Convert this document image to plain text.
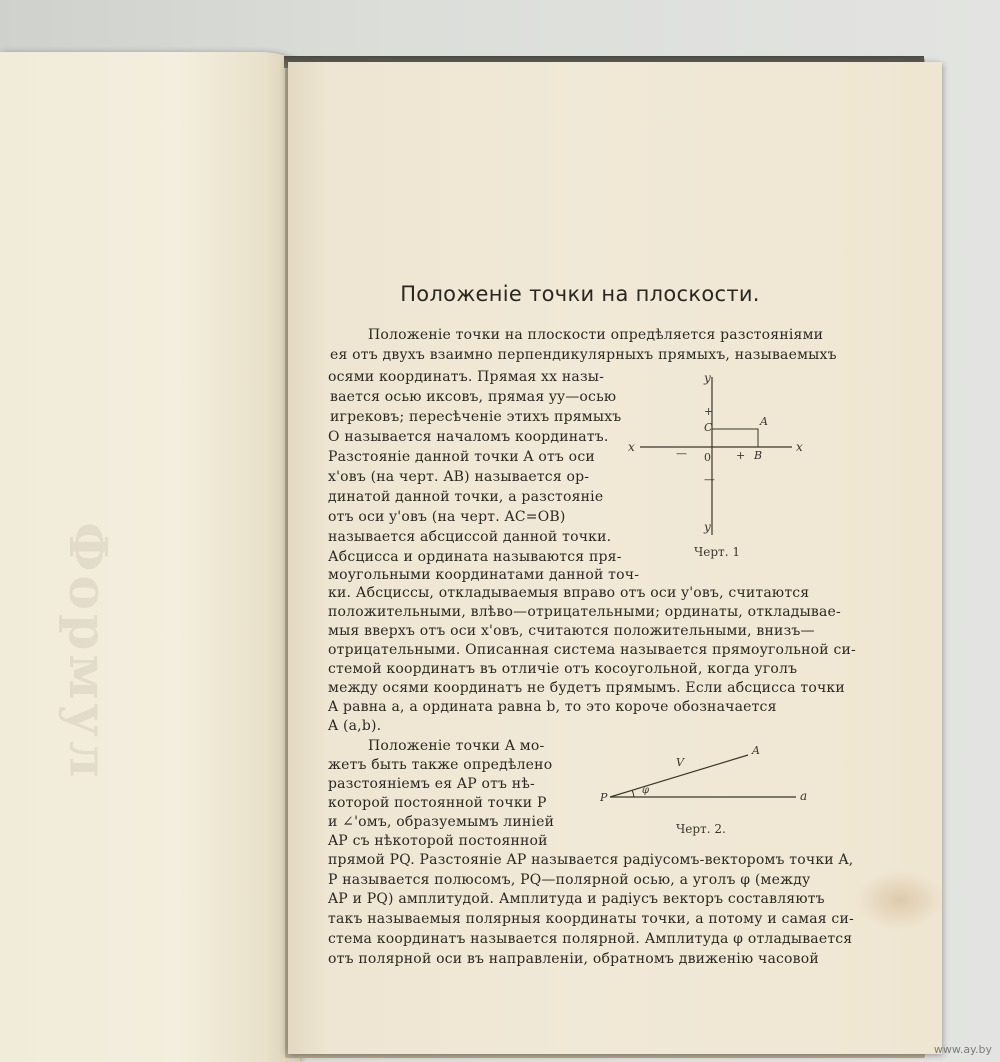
Формул
Положенiе точки на плоскости.
Положенiе точки на плоскости опредѣляется разстоянiями
ея отъ двухъ взаимно перпендикулярныхъ прямыхъ, называемыхъ
осями координатъ. Прямая xx назы-
вается осью иксовъ, прямая yy—осью
игрековъ; пересѣченiе этихъ прямыхъ
O называется началомъ координатъ.
Разстоянiе данной точки A отъ оси
x'овъ (на черт. AB) называется ор-
динатой данной точки, а разстоянiе
отъ оси y'овъ (на черт. AC=OB)
называется абсциссой данной точки.
Абсцисса и ордината называются пря-
моугольными координатами данной точ-
ки. Абсциссы, откладываемыя вправо отъ оси y'овъ, считаются
положительными, влѣво—отрицательными; ординаты, откладывае-
мыя вверхъ отъ оси x'овъ, считаются положительными, внизъ—
отрицательными. Описанная система называется прямоугольной си-
стемой координатъ въ отличiе отъ косоугольной, когда уголъ
между осями координатъ не будетъ прямымъ. Если абсцисса точки
A равна a, а ордината равна b, то это короче обозначается
A (a,b).
Положенiе точки A мо-
жетъ быть также опредѣлено
разстоянiемъ ея AP отъ нѣ-
которой постоянной точки P
и ∠'омъ, образуемымъ линiей
AP съ нѣкоторой постоянной
прямой PQ. Разстоянiе AP называется радiусомъ-векторомъ точки A,
P называется полюсомъ, PQ—полярной осью, а уголъ φ (между
AP и PQ) амплитудой. Амплитуда и радiусъ векторъ составляютъ
такъ называемыя полярныя координаты точки, а потому и самая си-
стема координатъ называется полярной. Амплитуда φ отладывается
отъ полярной оси въ направленiи, обратномъ движенiю часовой
y
y
x	x
0
+
—
—	+
A
B
C
Черт. 1
P
φ
A
V
a
Черт. 2.
www.ay.by
